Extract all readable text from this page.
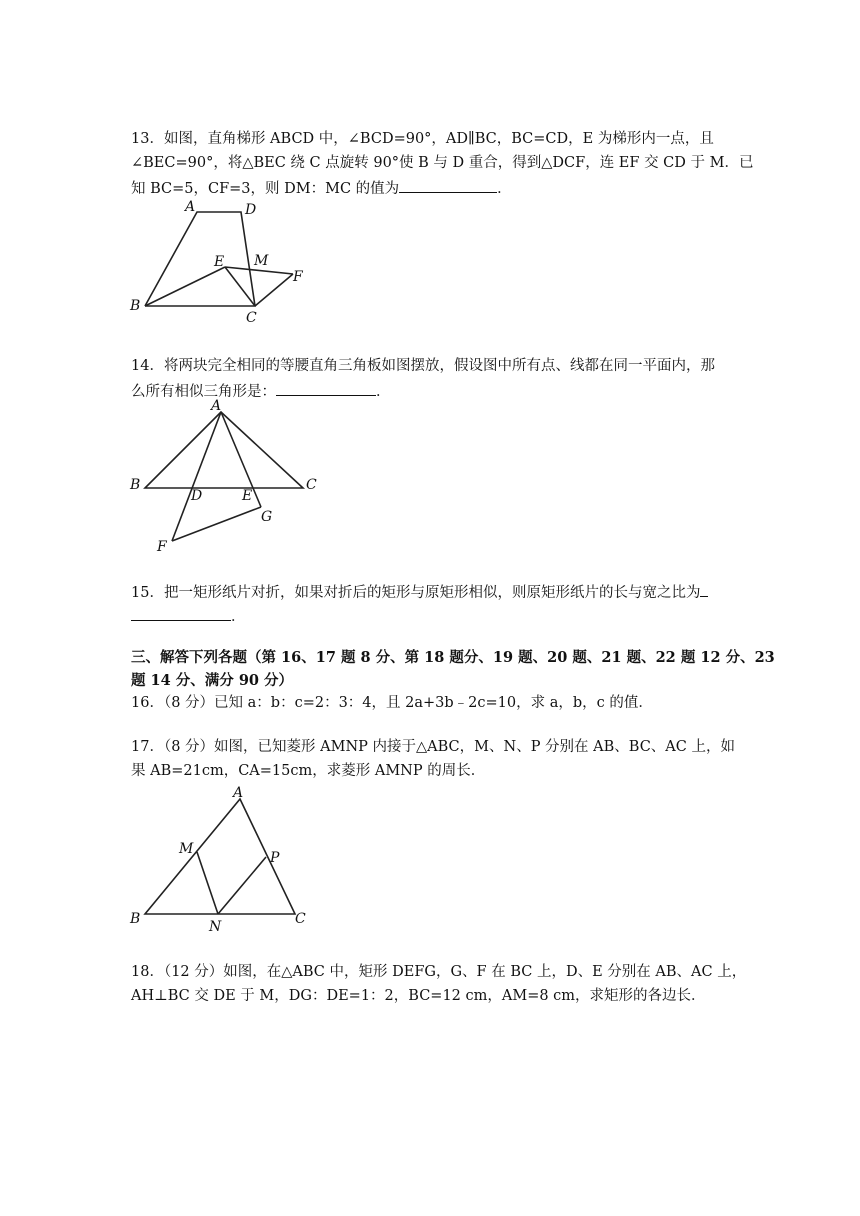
13．如图，直角梯形 ABCD 中，∠BCD=90°，AD∥BC，BC=CD，E 为梯形内一点，且
∠BEC=90°，将△BEC 绕 C 点旋转 90°使 B 与 D 重合，得到△DCF，连 EF 交 CD 于 M．已
知 BC=5，CF=3，则 DM：MC 的值为	．
A	D
E M
F
B
C
14．将两块完全相同的等腰直角三角板如图摆放，假设图中所有点、线都在同一平面内，那
么所有相似三角形是：	．
A
B	C
D	E
G
F
15．把一矩形纸片对折，如果对折后的矩形与原矩形相似，则原矩形纸片的长与宽之比为
．
三、解答下列各题（第 16、17 题 8 分、第 18 题分、19 题、20 题、21 题、22 题 12 分、23
题 14 分、满分 90 分）
16．（8 分）已知 a：b：c=2：3：4，且 2a+3b﹣2c=10，求 a，b，c 的值．
17．（8 分）如图，已知菱形 AMNP 内接于△ABC，M、N、P 分别在 AB、BC、AC 上，如
果 AB=21cm，CA=15cm，求菱形 AMNP 的周长．
A
M
P
B	N	C
18．（12 分）如图，在△ABC 中，矩形 DEFG，G、F 在 BC 上，D、E 分别在 AB、AC 上，
AH⊥BC 交 DE 于 M，DG：DE=1：2，BC=12 cm，AM=8 cm，求矩形的各边长．
